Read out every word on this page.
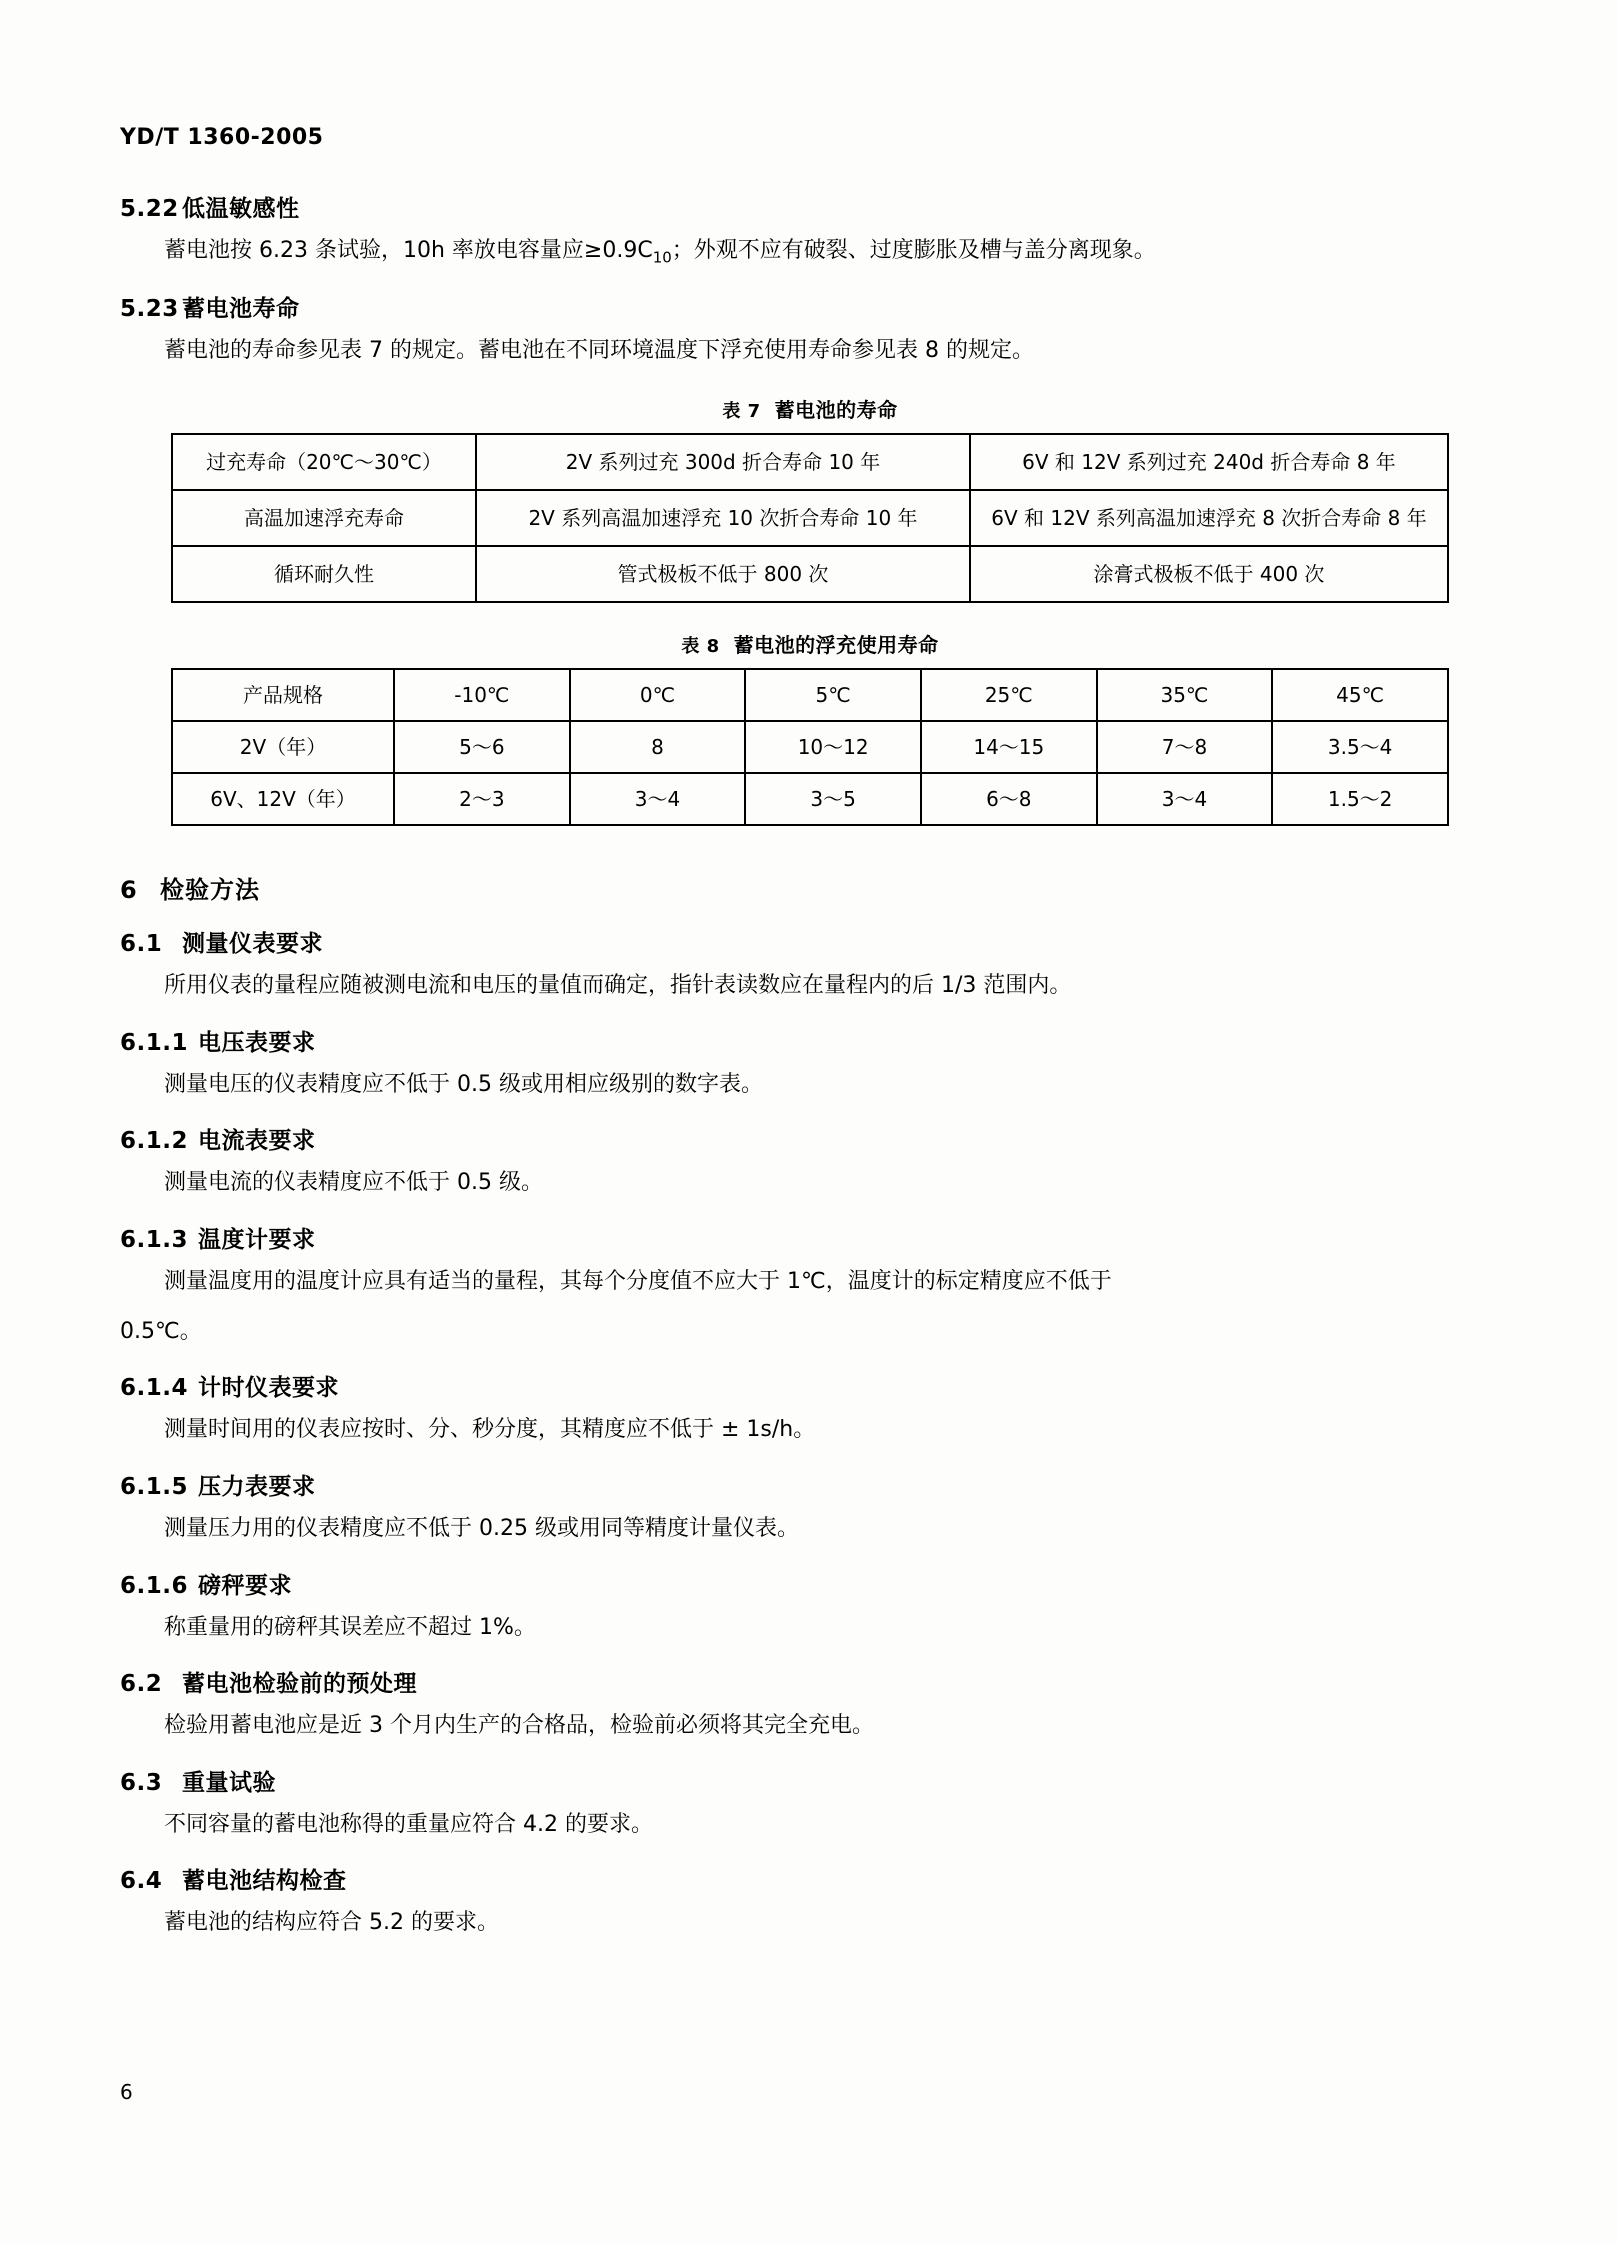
YD/T 1360-2005
5.22 低温敏感性
蓄电池按 6.23 条试验，10h 率放电容量应$\ge 0.9C_{10}$；外观不应有破裂、过度膨胀及槽与盖分离现象。
5.23 蓄电池寿命
蓄电池的寿命参见表 7 的规定。蓄电池在不同环境温度下浮充使用寿命参见表 8 的规定。
表 7 蓄电池的寿命
过充寿命（20℃～30℃）	2V 系列过充 300d 折合寿命 10 年	6V 和 12V 系列过充 240d 折合寿命 8 年
高温加速浮充寿命	2V 系列高温加速浮充 10 次折合寿命 10 年	6V 和 12V 系列高温加速浮充 8 次折合寿命 8 年
循环耐久性	管式极板不低于 800 次	涂膏式极板不低于 400 次
表 8 蓄电池的浮充使用寿命
产品规格	-10℃	0℃	5℃	25℃	35℃	45℃
2V（年）	5～6	8	10～12	14～15	7～8	3.5～4
6V、12V（年）	2～3	3～4	3～5	6～8	3～4	1.5～2
6 检验方法
6.1 测量仪表要求
所用仪表的量程应随被测电流和电压的量值而确定，指针表读数应在量程内的后 1/3 范围内。
6.1.1 电压表要求
测量电压的仪表精度应不低于 0.5 级或用相应级别的数字表。
6.1.2 电流表要求
测量电流的仪表精度应不低于 0.5 级。
6.1.3 温度计要求
测量温度用的温度计应具有适当的量程，其每个分度值不应大于 1℃，温度计的标定精度应不低于
0.5℃。
6.1.4 计时仪表要求
测量时间用的仪表应按时、分、秒分度，其精度应不低于 ± 1s/h。
6.1.5 压力表要求
测量压力用的仪表精度应不低于 0.25 级或用同等精度计量仪表。
6.1.6 磅秤要求
称重量用的磅秤其误差应不超过 1%。
6.2 蓄电池检验前的预处理
检验用蓄电池应是近 3 个月内生产的合格品，检验前必须将其完全充电。
6.3 重量试验
不同容量的蓄电池称得的重量应符合 4.2 的要求。
6.4 蓄电池结构检查
蓄电池的结构应符合 5.2 的要求。
6
